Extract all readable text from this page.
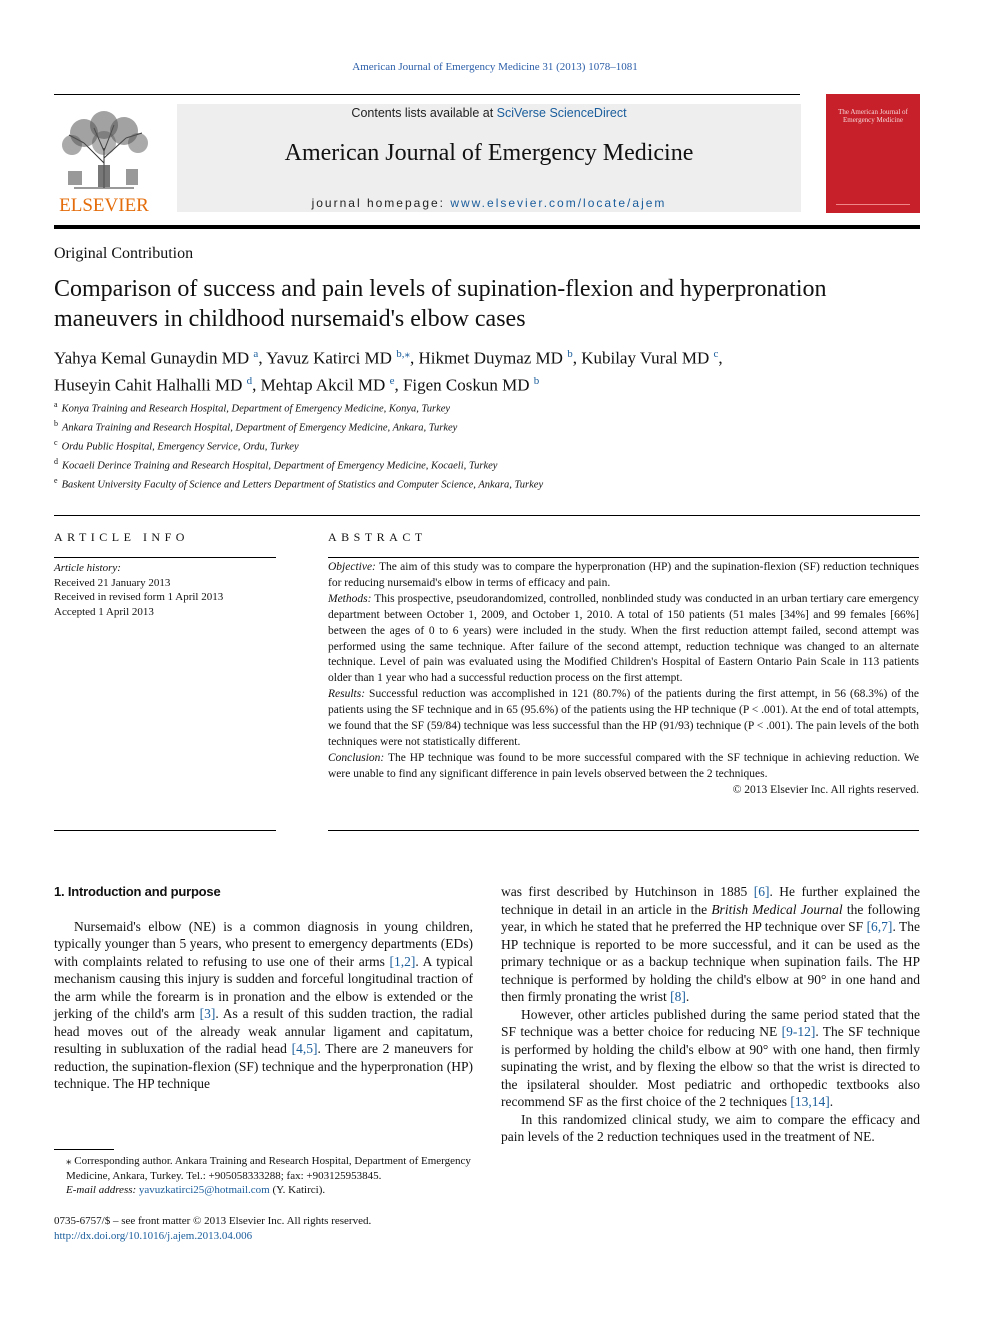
American Journal of Emergency Medicine 31 (2013) 1078–1081
ELSEVIER
Contents lists available at SciVerse ScienceDirect
American Journal of Emergency Medicine
journal homepage: www.elsevier.com/locate/ajem
The American Journal of Emergency Medicine
Original Contribution
Comparison of success and pain levels of supination-flexion and hyperpronation maneuvers in childhood nursemaid's elbow cases
Yahya Kemal Gunaydin MD $^a$, Yavuz Katirci MD $^{b,⁎}$, Hikmet Duymaz MD $^b$, Kubilay Vural MD $^c$,
Huseyin Cahit Halhalli MD $^d$, Mehtap Akcil MD $^e$, Figen Coskun MD $^b$
$^a$ Konya Training and Research Hospital, Department of Emergency Medicine, Konya, Turkey
$^b$ Ankara Training and Research Hospital, Department of Emergency Medicine, Ankara, Turkey
$^c$ Ordu Public Hospital, Emergency Service, Ordu, Turkey
$^d$ Kocaeli Derince Training and Research Hospital, Department of Emergency Medicine, Kocaeli, Turkey
$^e$ Baskent University Faculty of Science and Letters Department of Statistics and Computer Science, Ankara, Turkey
ARTICLE INFO
Article history:
Received 21 January 2013
Received in revised form 1 April 2013
Accepted 1 April 2013
ABSTRACT

Objective: The aim of this study was to compare the hyperpronation (HP) and the supination-flexion (SF) reduction techniques for reducing nursemaid's elbow in terms of efficacy and pain.

Methods: This prospective, pseudorandomized, controlled, nonblinded study was conducted in an urban tertiary care emergency department between October 1, 2009, and October 1, 2010. A total of 150 patients (51 males [34%] and 99 females [66%] between the ages of 0 to 6 years) were included in the study. When the first reduction attempt failed, second attempt was performed using the same technique. After failure of the second attempt, reduction technique was changed to an alternate technique. Level of pain was evaluated using the Modified Children's Hospital of Eastern Ontario Pain Scale in 113 patients older than 1 year who had a successful reduction process on the first attempt.

Results: Successful reduction was accomplished in 121 (80.7%) of the patients during the first attempt, in 56 (68.3%) of the patients using the SF technique and in 65 (95.6%) of the patients using the HP technique (P < .001). At the end of total attempts, we found that the SF (59/84) technique was less successful than the HP (91/93) technique (P < .001). The pain levels of the both techniques were not statistically different.

Conclusion: The HP technique was found to be more successful compared with the SF technique in achieving reduction. We were unable to find any significant difference in pain levels observed between the 2 techniques.

© 2013 Elsevier Inc. All rights reserved.

1. Introduction and purpose

Nursemaid's elbow (NE) is a common diagnosis in young children, typically younger than 5 years, who present to emergency departments (EDs) with complaints related to refusing to use one of their arms [1,2]. A typical mechanism causing this injury is sudden and forceful longitudinal traction of the arm while the forearm is in pronation and the elbow is extended or the jerking of the child's arm [3]. As a result of this sudden traction, the radial head moves out of the already weak annular ligament and capitatum, resulting in subluxation of the radial head [4,5]. There are 2 maneuvers for reduction, the supination-flexion (SF) technique and the hyperpronation (HP) technique. The HP technique

was first described by Hutchinson in 1885 [6]. He further explained the technique in detail in an article in the British Medical Journal the following year, in which he stated that he preferred the HP technique over SF [6,7]. The HP technique is reported to be more successful, and it can be used as the primary technique or as a backup technique when supination fails. The HP technique is performed by holding the child's elbow at 90° in one hand and then firmly pronating the wrist [8].

However, other articles published during the same period stated that the SF technique was a better choice for reducing NE [9-12]. The SF technique is performed by holding the child's elbow at 90° with one hand, then firmly supinating the wrist, and by flexing the elbow so that the wrist is directed to the ipsilateral shoulder. Most pediatric and orthopedic textbooks also recommend SF as the first choice of the 2 techniques [13,14].

In this randomized clinical study, we aim to compare the efficacy and pain levels of the 2 reduction techniques used in the treatment of NE.

⁎ Corresponding author. Ankara Training and Research Hospital, Department of Emergency Medicine, Ankara, Turkey. Tel.: +905058333288; fax: +903125953845.

E-mail address: yavuzkatirci25@hotmail.com (Y. Katirci).

0735-6757/$ – see front matter © 2013 Elsevier Inc. All rights reserved.
http://dx.doi.org/10.1016/j.ajem.2013.04.006
